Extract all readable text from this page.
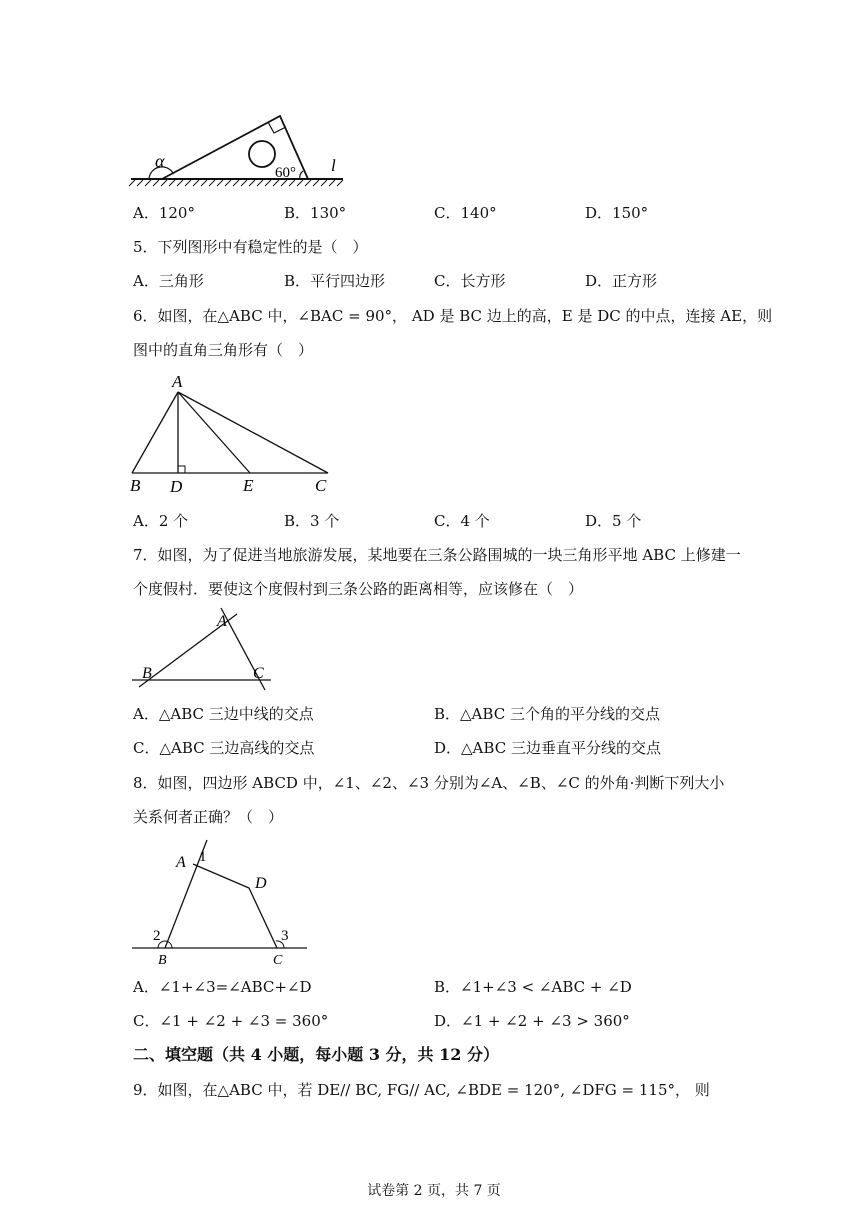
α
60° l
A．120°	B．130°	C．140°	D．150°
5．下列图形中有稳定性的是（　）
A．三角形	B．平行四边形	C．长方形	D．正方形
6．如图，在△ABC 中，∠BAC = 90°， AD 是 BC 边上的高，E 是 DC 的中点，连接 AE，则
图中的直角三角形有（　）
A
B D	E	C
A．2 个	B．3 个	C．4 个	D．5 个
7．如图，为了促进当地旅游发展，某地要在三条公路围城的一块三角形平地 ABC 上修建一
个度假村．要使这个度假村到三条公路的距离相等，应该修在（　）
A
B	C
A．△ABC 三边中线的交点	B．△ABC 三个角的平分线的交点
C．△ABC 三边高线的交点	D．△ABC 三边垂直平分线的交点
8．如图，四边形 ABCD 中，∠1、∠2、∠3 分别为∠A、∠B、∠C 的外角·判断下列大小
关系何者正确？（　）
A 1
D
2	3
B	C
A．∠1+∠3=∠ABC+∠D	B．∠1+∠3 < ∠ABC + ∠D
C．∠1 + ∠2 + ∠3 = 360°	D．∠1 + ∠2 + ∠3 > 360°
二、填空题（共 4 小题，每小题 3 分，共 12 分）
9．如图，在△ABC 中，若 DE// BC, FG// AC, ∠BDE = 120°, ∠DFG = 115°， 则
试卷第 2 页，共 7 页
